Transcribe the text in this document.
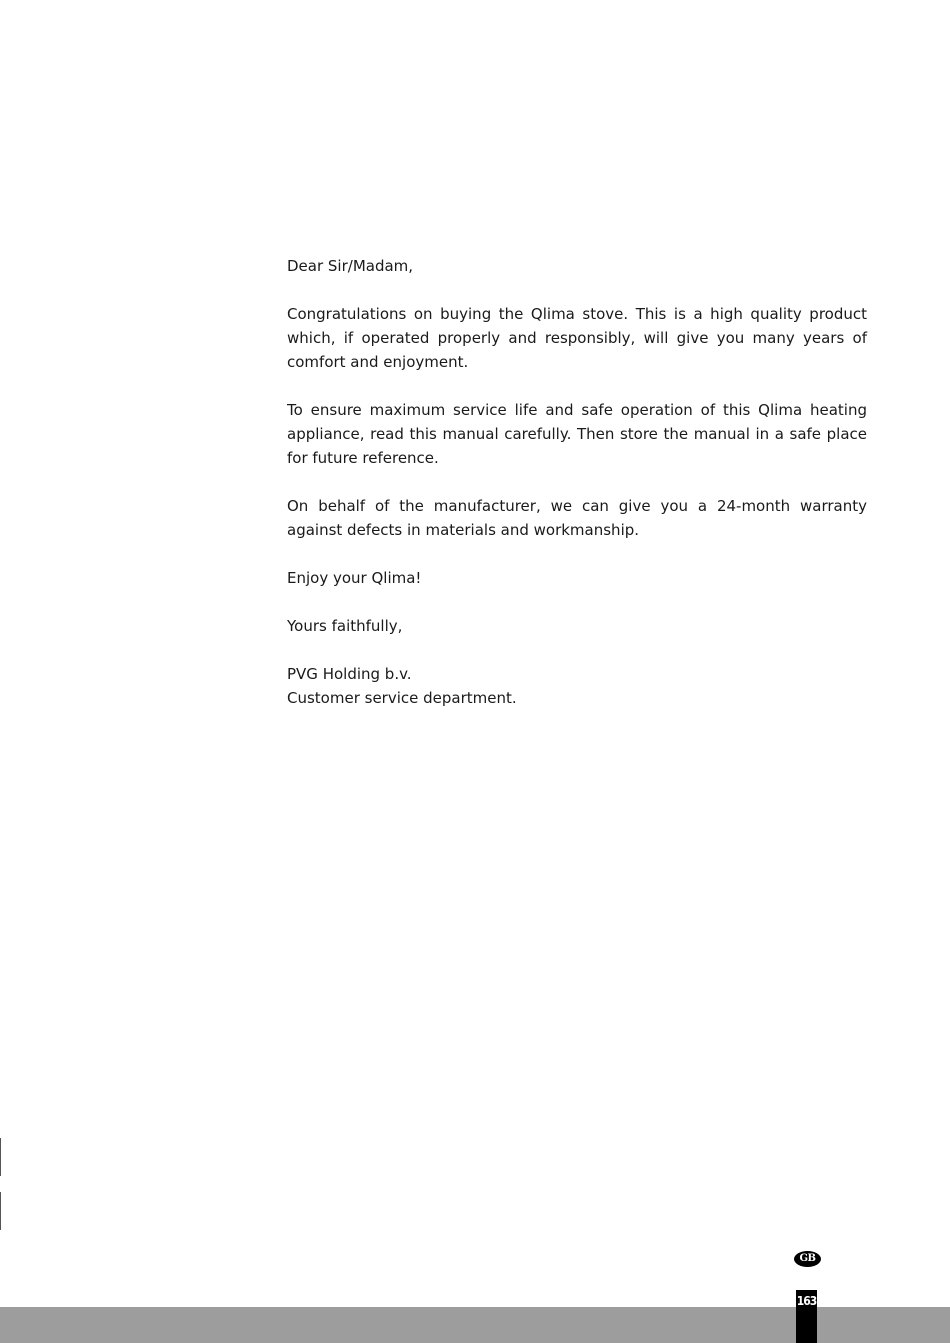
Dear Sir/Madam,

Congratulations on buying the Qlima stove. This is a high quality product which, if operated properly and responsibly, will give you many years of comfort and enjoyment.

To ensure maximum service life and safe operation of this Qlima heating appliance, read this manual carefully. Then store the manual in a safe place for future reference.

On behalf of the manufacturer, we can give you a 24-month warranty against defects in materials and workmanship.

Enjoy your Qlima!

Yours faithfully,

PVG Holding b.v.
Customer service department.

GB
163
